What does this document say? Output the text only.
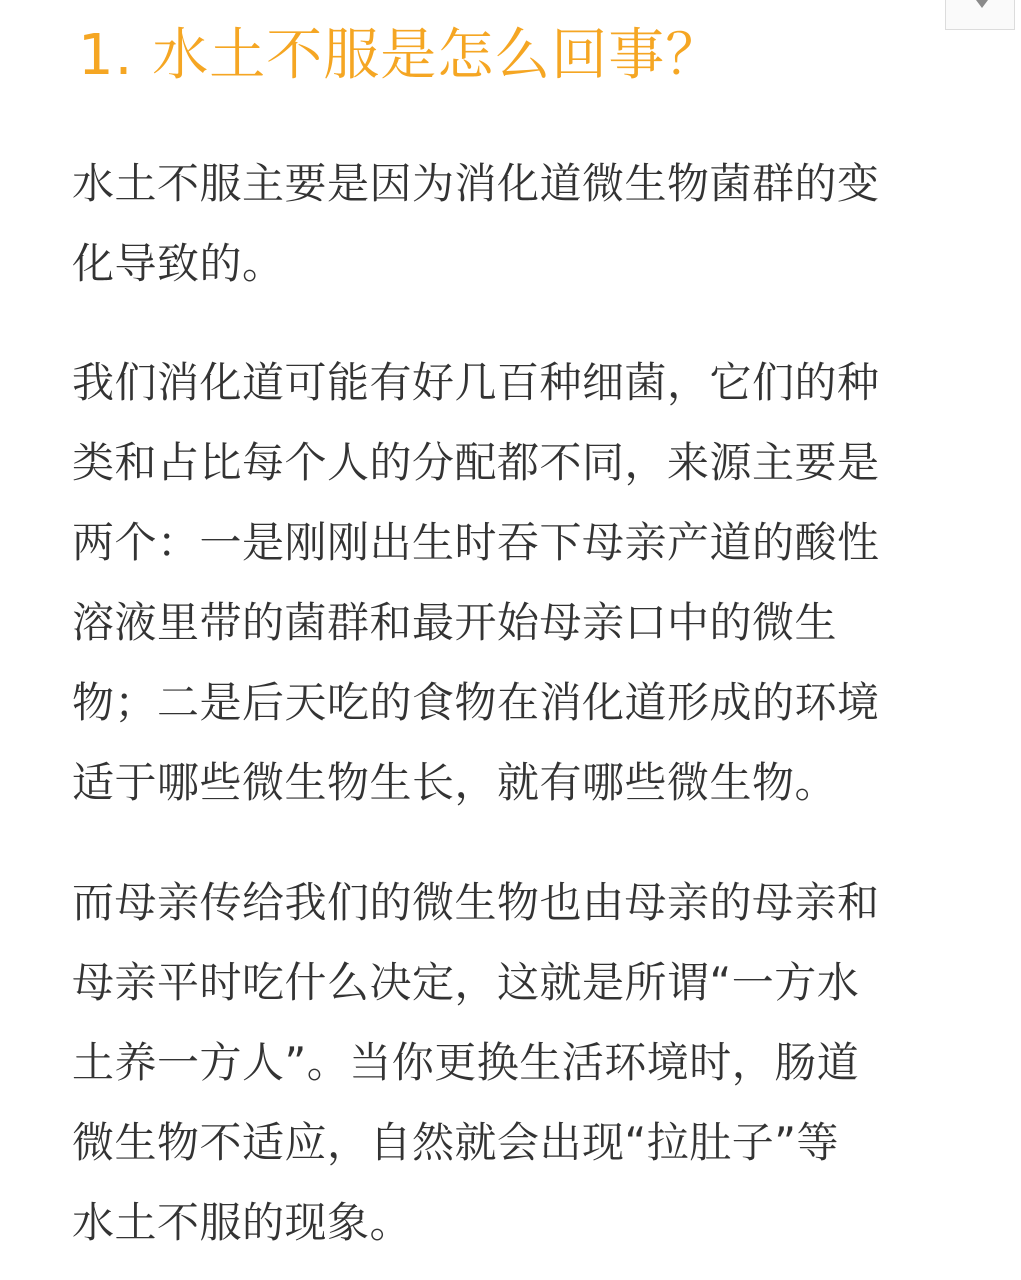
1. 水土不服是怎么回事？
水土不服主要是因为消化道微生物菌群的变
化导致的。
我们消化道可能有好几百种细菌，它们的种
类和占比每个人的分配都不同，来源主要是
两个：一是刚刚出生时吞下母亲产道的酸性
溶液里带的菌群和最开始母亲口中的微生
物；二是后天吃的食物在消化道形成的环境
适于哪些微生物生长，就有哪些微生物。
而母亲传给我们的微生物也由母亲的母亲和
母亲平时吃什么决定，这就是所谓“一方水
土养一方人”。当你更换生活环境时，肠道
微生物不适应，自然就会出现“拉肚子”等
水土不服的现象。
